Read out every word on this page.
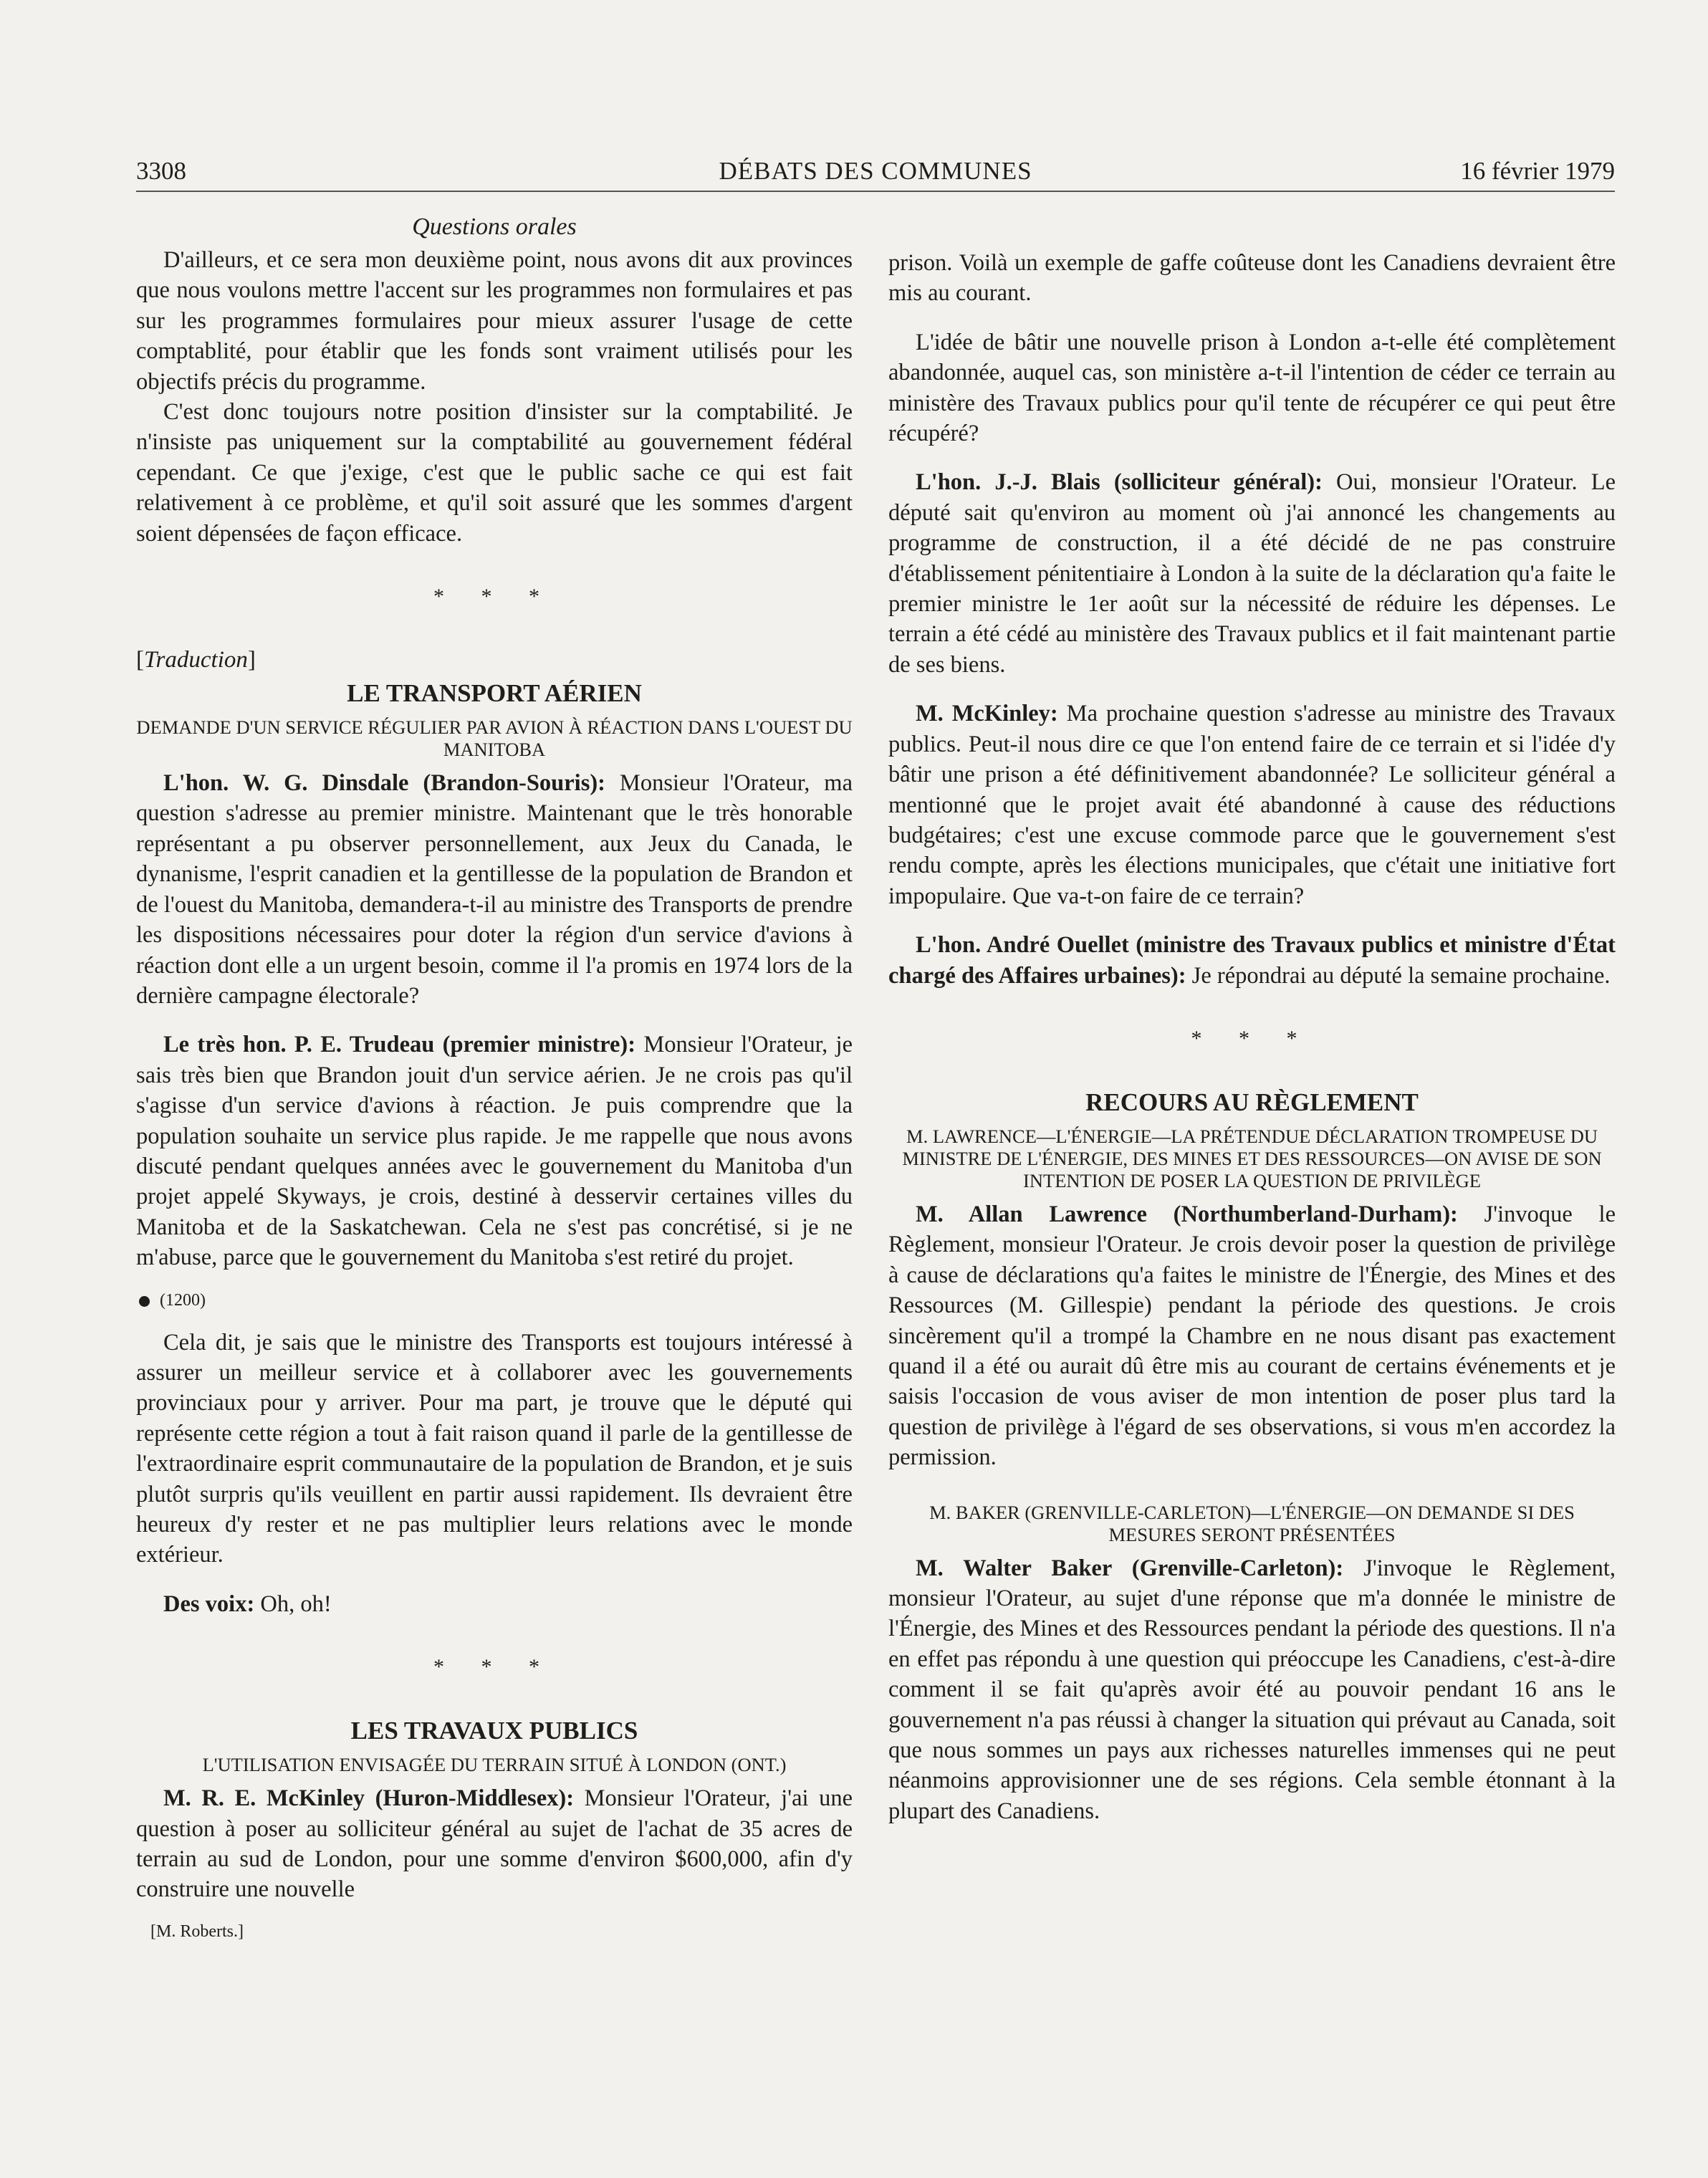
3308	DÉBATS DES COMMUNES	16 février 1979
Questions orales

D'ailleurs, et ce sera mon deuxième point, nous avons dit aux provinces que nous voulons mettre l'accent sur les programmes non formulaires et pas sur les programmes formulaires pour mieux assurer l'usage de cette comptablité, pour établir que les fonds sont vraiment utilisés pour les objectifs précis du programme.

C'est donc toujours notre position d'insister sur la comptabilité. Je n'insiste pas uniquement sur la comptabilité au gouvernement fédéral cependant. Ce que j'exige, c'est que le public sache ce qui est fait relativement à ce problème, et qu'il soit assuré que les sommes d'argent soient dépensées de façon efficace.

* * *
[Traduction]
LE TRANSPORT AÉRIEN
DEMANDE D'UN SERVICE RÉGULIER PAR AVION À RÉACTION DANS L'OUEST DU MANITOBA

L'hon. W. G. Dinsdale (Brandon-Souris): Monsieur l'Orateur, ma question s'adresse au premier ministre. Maintenant que le très honorable représentant a pu observer personnellement, aux Jeux du Canada, le dynanisme, l'esprit canadien et la gentillesse de la population de Brandon et de l'ouest du Manitoba, demandera-t-il au ministre des Transports de prendre les dispositions nécessaires pour doter la région d'un service d'avions à réaction dont elle a un urgent besoin, comme il l'a promis en 1974 lors de la dernière campagne électorale?

Le très hon. P. E. Trudeau (premier ministre): Monsieur l'Orateur, je sais très bien que Brandon jouit d'un service aérien. Je ne crois pas qu'il s'agisse d'un service d'avions à réaction. Je puis comprendre que la population souhaite un service plus rapide. Je me rappelle que nous avons discuté pendant quelques années avec le gouvernement du Manitoba d'un projet appelé Skyways, je crois, destiné à desservir certaines villes du Manitoba et de la Saskatchewan. Cela ne s'est pas concrétisé, si je ne m'abuse, parce que le gouvernement du Manitoba s'est retiré du projet.

(1200)

Cela dit, je sais que le ministre des Transports est toujours intéressé à assurer un meilleur service et à collaborer avec les gouvernements provinciaux pour y arriver. Pour ma part, je trouve que le député qui représente cette région a tout à fait raison quand il parle de la gentillesse de l'extraordinaire esprit communautaire de la population de Brandon, et je suis plutôt surpris qu'ils veuillent en partir aussi rapidement. Ils devraient être heureux d'y rester et ne pas multiplier leurs relations avec le monde extérieur.

Des voix: Oh, oh!

* * *
LES TRAVAUX PUBLICS
L'UTILISATION ENVISAGÉE DU TERRAIN SITUÉ À LONDON (ONT.)

M. R. E. McKinley (Huron-Middlesex): Monsieur l'Orateur, j'ai une question à poser au solliciteur général au sujet de l'achat de 35 acres de terrain au sud de London, pour une somme d'environ $600,000, afin d'y construire une nouvelle

[M. Roberts.]

prison. Voilà un exemple de gaffe coûteuse dont les Canadiens devraient être mis au courant.

L'idée de bâtir une nouvelle prison à London a-t-elle été complètement abandonnée, auquel cas, son ministère a-t-il l'intention de céder ce terrain au ministère des Travaux publics pour qu'il tente de récupérer ce qui peut être récupéré?

L'hon. J.-J. Blais (solliciteur général): Oui, monsieur l'Orateur. Le député sait qu'environ au moment où j'ai annoncé les changements au programme de construction, il a été décidé de ne pas construire d'établissement pénitentiaire à London à la suite de la déclaration qu'a faite le premier ministre le 1er août sur la nécessité de réduire les dépenses. Le terrain a été cédé au ministère des Travaux publics et il fait maintenant partie de ses biens.

M. McKinley: Ma prochaine question s'adresse au ministre des Travaux publics. Peut-il nous dire ce que l'on entend faire de ce terrain et si l'idée d'y bâtir une prison a été définitivement abandonnée? Le solliciteur général a mentionné que le projet avait été abandonné à cause des réductions budgétaires; c'est une excuse commode parce que le gouvernement s'est rendu compte, après les élections municipales, que c'était une initiative fort impopulaire. Que va-t-on faire de ce terrain?

L'hon. André Ouellet (ministre des Travaux publics et ministre d'État chargé des Affaires urbaines): Je répondrai au député la semaine prochaine.

* * *
RECOURS AU RÈGLEMENT
M. LAWRENCE—L'ÉNERGIE—LA PRÉTENDUE DÉCLARATION TROMPEUSE DU MINISTRE DE L'ÉNERGIE, DES MINES ET DES RESSOURCES—ON AVISE DE SON INTENTION DE POSER LA QUESTION DE PRIVILÈGE

M. Allan Lawrence (Northumberland-Durham): J'invoque le Règlement, monsieur l'Orateur. Je crois devoir poser la question de privilège à cause de déclarations qu'a faites le ministre de l'Énergie, des Mines et des Ressources (M. Gillespie) pendant la période des questions. Je crois sincèrement qu'il a trompé la Chambre en ne nous disant pas exactement quand il a été ou aurait dû être mis au courant de certains événements et je saisis l'occasion de vous aviser de mon intention de poser plus tard la question de privilège à l'égard de ses observations, si vous m'en accordez la permission.

M. BAKER (GRENVILLE-CARLETON)—L'ÉNERGIE—ON DEMANDE SI DES MESURES SERONT PRÉSENTÉES

M. Walter Baker (Grenville-Carleton): J'invoque le Règlement, monsieur l'Orateur, au sujet d'une réponse que m'a donnée le ministre de l'Énergie, des Mines et des Ressources pendant la période des questions. Il n'a en effet pas répondu à une question qui préoccupe les Canadiens, c'est-à-dire comment il se fait qu'après avoir été au pouvoir pendant 16 ans le gouvernement n'a pas réussi à changer la situation qui prévaut au Canada, soit que nous sommes un pays aux richesses naturelles immenses qui ne peut néanmoins approvisionner une de ses régions. Cela semble étonnant à la plupart des Canadiens.
